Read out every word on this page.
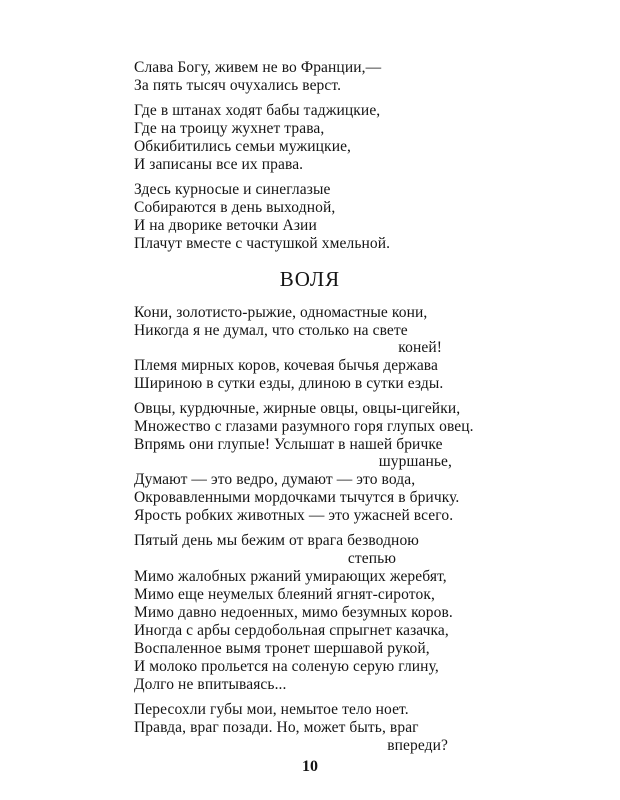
Слава Богу, живем не во Франции,—
За пять тысяч очухались верст.
Где в штанах ходят бабы таджицкие,
Где на троицу жухнет трава,
Обкибитились семьи мужицкие,
И записаны все их права.
Здесь курносые и синеглазые
Собираются в день выходной,
И на дворике веточки Азии
Плачут вместе с частушкой хмельной.
ВОЛЯ
Кони, золотисто-рыжие, одномастные кони,
Никогда я не думал, что столько на свете
коней!
Племя мирных коров, кочевая бычья держава
Шириною в сутки езды, длиною в сутки езды.
Овцы, курдючные, жирные овцы, овцы-цигейки,
Множество с глазами разумного горя глупых овец.
Впрямь они глупые! Услышат в нашей бричке
шуршанье,
Думают — это ведро, думают — это вода,
Окровавленными мордочками тычутся в бричку.
Ярость робких животных — это ужасней всего.
Пятый день мы бежим от врага безводною
степью
Мимо жалобных ржаний умирающих жеребят,
Мимо еще неумелых блеяний ягнят-сироток,
Мимо давно недоенных, мимо безумных коров.
Иногда с арбы сердобольная спрыгнет казачка,
Воспаленное вымя тронет шершавой рукой,
И молоко прольется на соленую серую глину,
Долго не впитываясь...
Пересохли губы мои, немытое тело ноет.
Правда, враг позади. Но, может быть, враг
впереди?
10
